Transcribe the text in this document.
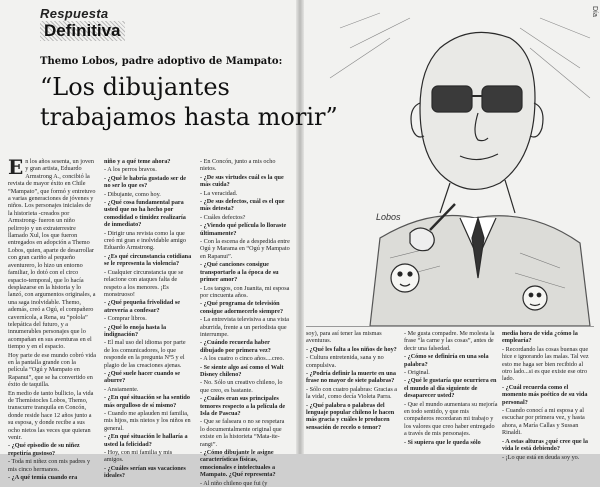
Respuesta
Definitiva
Themo Lobos, padre adoptivo de Mampato:
“Los dibujantes
trabajamos hasta morir”

En los años sesenta, un joven y gran artista, Eduardo Armstrong A., concibió la revista de mayor éxito en Chile “Mampato”, que formó y entretuvo a varias generaciones de jóvenes y niños. Los personajes iniciales de la historieta -creados por Armstrong- fueron un niño pelirrojo y un extraterrestre llamado Xul, los que fueron entregados en adopción a Themo Lobos, quien, aparte de desarrollar con gran cariño al pequeño aventurero, lo hizo un entorno familiar, lo dotó con el circo espacio-temporal, que lo hacía desplazarse en la historia y lo lanzó, con argumentos originales, a una saga inolvidable. Themo, además, creó a Ogú, el compañero cavernícola, a Rena, su “polola” telepática del futuro, y a innumerables personajes que lo acompañan en sus aventuras en el tiempo y en el espacio.

Hoy parte de ese mundo cobró vida en la pantalla grande con la película “Ogú y Mampato en Rapanui”, que se ha convertido en éxito de taquilla.

En medio de tanto bullicio, la vida de Themístocles Lobos, Themo, transcurre tranquila en Concón, donde reside hace 12 años junto a su esposa, y donde recibe a sus ocho nietos las veces que quieran venir.

- ¿Qué episodio de su niñez repetiría gustoso?

- Toda mi niñez con mis padres y mis cinco hermanos.

- ¿A qué temía cuando era

niño y a qué teme ahora?

- A los perros bravos.

- ¿Qué le habría gustado ser de no ser lo que es?

- Dibujante, como hoy.

- ¿Qué cosa fundamental para usted que no ha hecho por comodidad o timidez realizaría de inmediato?

- Dirigir una revista como la que creó mi gran e inolvidable amigo Eduardo Armstrong.

- ¿Es qué circunstancia cotidiana se le representa la violencia?

- Cualquier circunstancia que se relacione con ataques falta de respeto a los menores. ¡Es monstruoso!

- ¿Qué pequeña frivolidad se atrevería a confesar?

- Comprar libros.

- ¿Qué lo enoja hasta la indignación?

- El mal uso del idioma por parte de los comunicadores, lo que responde en la pregunta Nº5 y el plagio de las creaciones ajenas.

- ¿Qué suele hacer cuando se aburre?

- Ansiamente.

- ¿En qué situación se ha sentido más orgulloso de sí mismo?

- Cuando me aplauden mi familia, mis hijos, mis nietos y los niños en general.

- ¿En qué situación le hallaría a usted la felicidad?

- Hoy, con mi familia y mis amigos.

- ¿Cuáles serían sus vacaciones ideales?

- En Concón, junto a mis ocho nietos.

- ¿De sus virtudes cuál es la que más cuida?

- La veracidad.

- ¿De sus defectos, cuál es el que más detesta?

- Cuáles defectos?

- ¿Viendo qué película lo lloraste últimamente?

- Con la escena de a despedida entre Ogú y Marama en “Ogú y Mampato en Rapanui”.

- ¿Qué canciones consigue transportarlo a la época de su primer amor?

- Los tangos, con Juanita, mi esposa por cincuenta años.

- ¿Qué programa de televisión consigue adormecerlo siempre?

- La entrevista televisiva a una vista aburrida, frente a un periodista que interrumpe.

- ¿Cuándo recuerda haber dibujado por primera vez?

- A los cuatro o cinco años....creo.

- Se siente algo así como el Walt Disney chileno?

- No. Sólo un creativo chileno, lo que creo, es bastante.

- ¿Cuáles eran sus principales temores respecto a la película de Isla de Pascua?

- Que se falseara o no se respetara lo documentalmente original que existe en la historieta “Mata-ite-rangi”.

- ¿Cómo dibujante le asigne características físicas, emocionales e intelectuales a Mampato. ¿Qué representa?

- Al niño chileno que fui (y

Lobos

soy), para así tener las mismas aventuras.

- ¿Qué les falta a los niños de hoy?

- Cultura entretenida, sana y no compulsiva.

- ¿Podría definir la muerte en una frase no mayor de siete palabras?

- Sólo con cuatro palabras: Gracias a la vida!, como decía Violeta Parra.

- ¿Qué palabra o palabras del lenguaje popular chileno le hacen más gracia y cuáles le producen sensación de recelo o temor?

- Me gusta compadre. Me molesta la frase “la carne y las cosas”, antes de decir una falsedad.

- ¿Cómo se definiría en una sola palabra?

- Original.

- ¿Qué le gustaría que ocurriera en el mundo al día siguiente de desaparecer usted?

- Que el mundo aumentara su mejoría en todo sentido, y que mis compañeros recordaran mi trabajo y los valores que creo haber entregado a través de mis personajes.

- Si supiera que le queda sólo

media hora de vida ¿cómo la emplearía?

- Recordando las cosas buenas que hice e ignorando las malas. Tal vez esto me haga ser bien recibido al otro lado...si es que existe ese otro lado.

- ¿Cuál recuerda como el momento más poético de su vida personal?

- Cuando conocí a mi esposa y al escuchar por primera vez, y hasta ahora, a María Callas y Sussan Rinaldi.

- A estas alturas ¿qué cree que la vida le está debiendo?

- ¡Lo que está en deuda soy yo.

Día
